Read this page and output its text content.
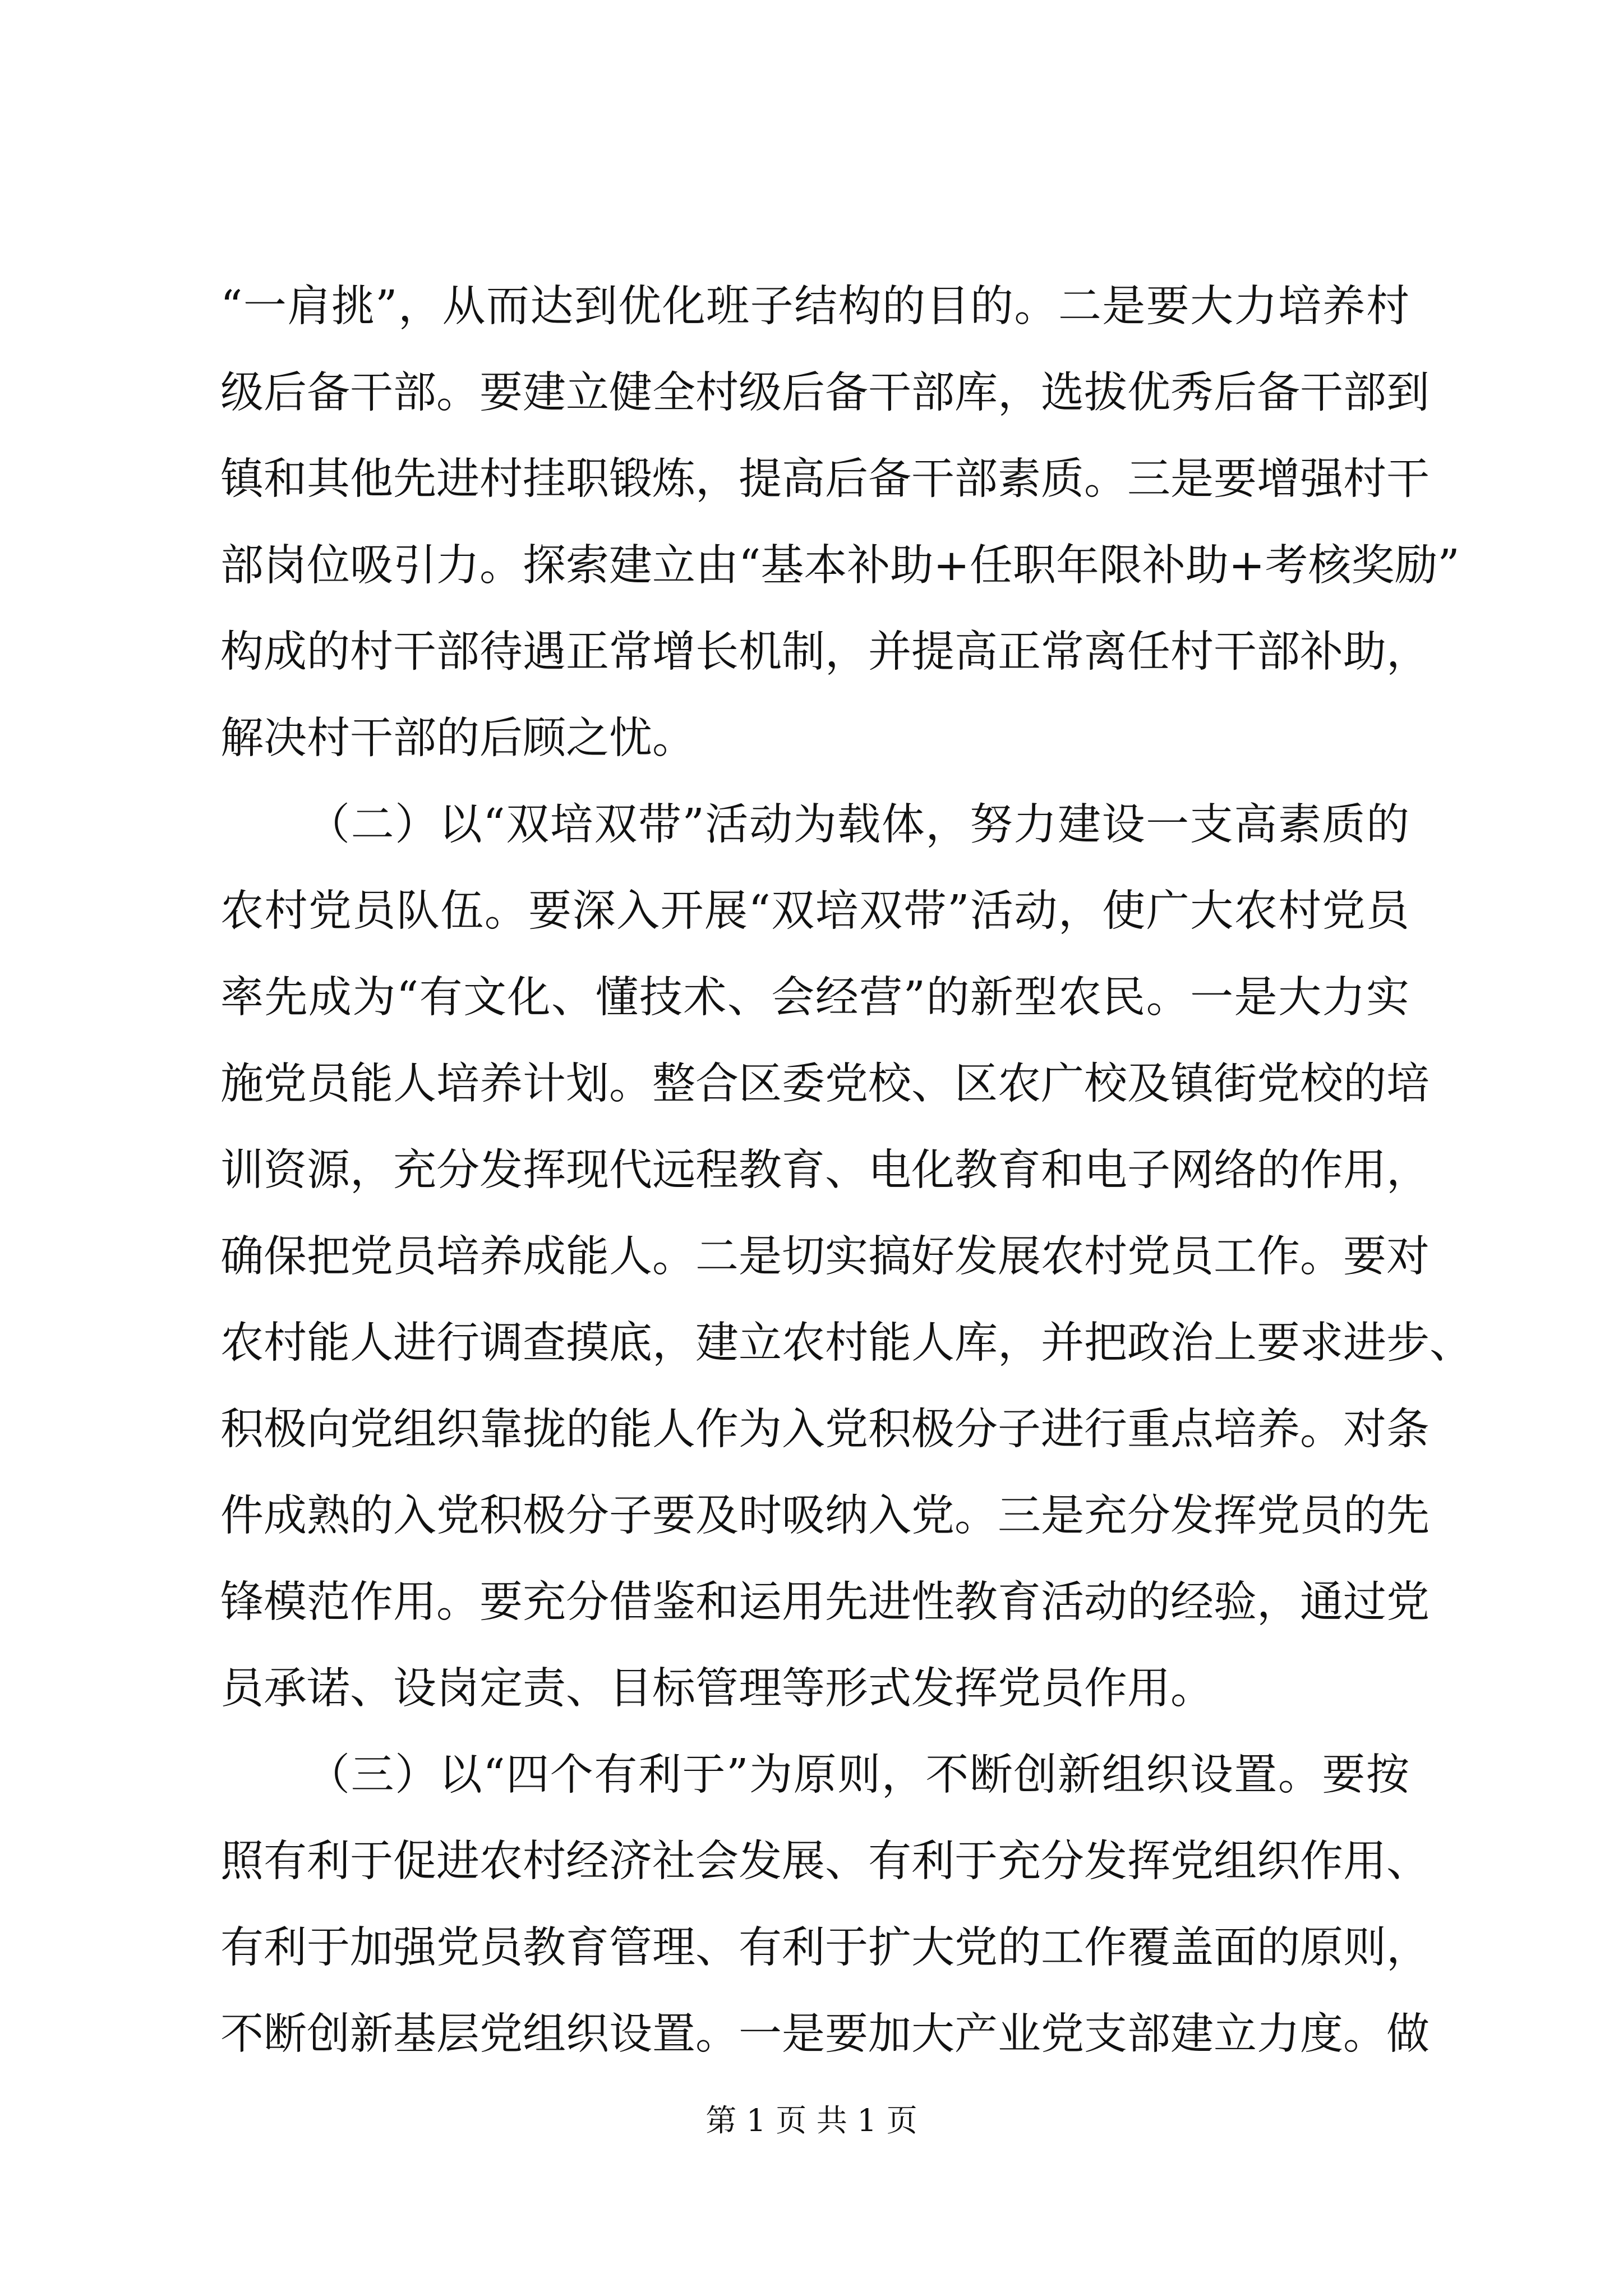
“一肩挑”，从而达到优化班子结构的目的。二是要大力培养村
级后备干部。要建立健全村级后备干部库，选拔优秀后备干部到
镇和其他先进村挂职锻炼，提高后备干部素质。三是要增强村干
部岗位吸引力。探索建立由“基本补助+任职年限补助+考核奖励”
构成的村干部待遇正常增长机制，并提高正常离任村干部补助，
解决村干部的后顾之忧。
（二）以“双培双带”活动为载体，努力建设一支高素质的
农村党员队伍。要深入开展“双培双带”活动，使广大农村党员
率先成为“有文化、懂技术、会经营”的新型农民。一是大力实
施党员能人培养计划。整合区委党校、区农广校及镇街党校的培
训资源，充分发挥现代远程教育、电化教育和电子网络的作用，
确保把党员培养成能人。二是切实搞好发展农村党员工作。要对
农村能人进行调查摸底，建立农村能人库，并把政治上要求进步、
积极向党组织靠拢的能人作为入党积极分子进行重点培养。对条
件成熟的入党积极分子要及时吸纳入党。三是充分发挥党员的先
锋模范作用。要充分借鉴和运用先进性教育活动的经验，通过党
员承诺、设岗定责、目标管理等形式发挥党员作用。
（三）以“四个有利于”为原则，不断创新组织设置。要按
照有利于促进农村经济社会发展、有利于充分发挥党组织作用、
有利于加强党员教育管理、有利于扩大党的工作覆盖面的原则，
不断创新基层党组织设置。一是要加大产业党支部建立力度。做
第 1 页 共 1 页
